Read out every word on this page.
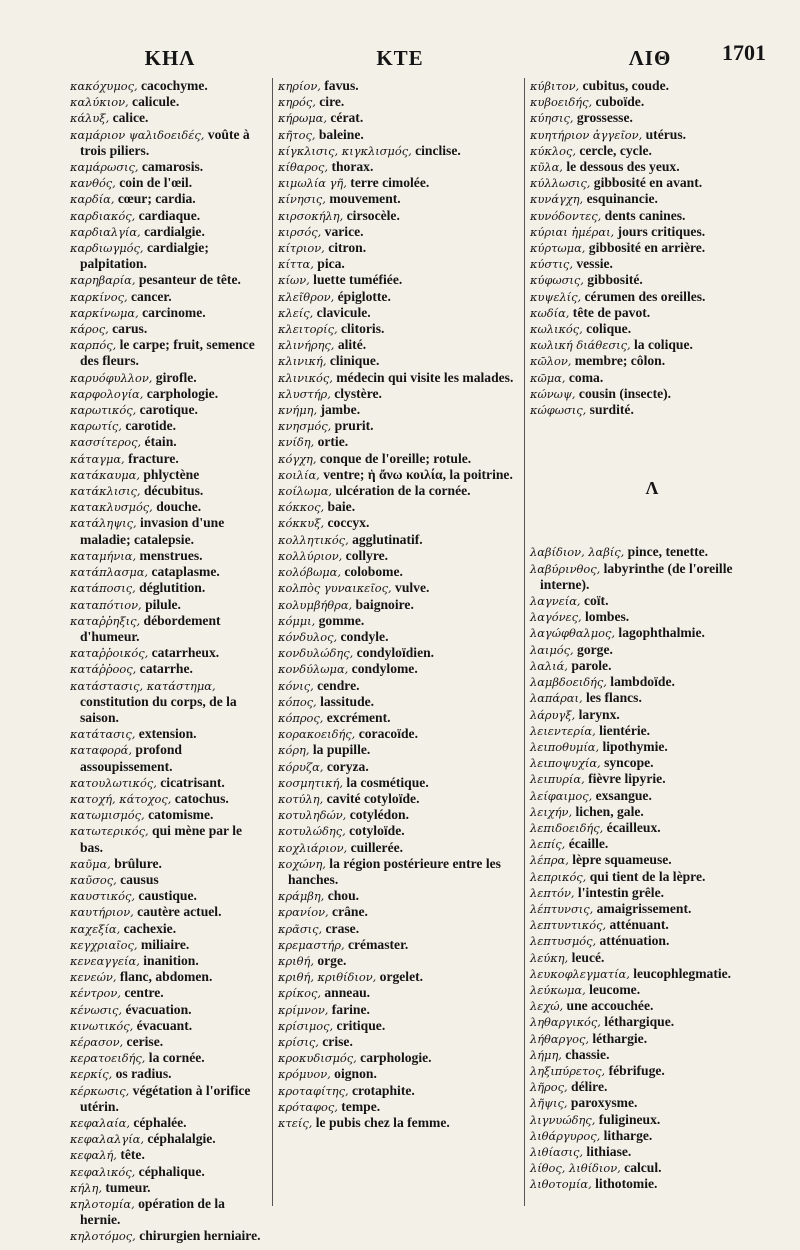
ΚΗΛ	ΚΤΕ	ΛΙΘ	1701
κακόχυμος, cacochyme.
καλύκιον, calicule.
κάλυξ, calice.
καμάριον ψαλιδοειδές, voûte à trois piliers.
καμάρωσις, camarosis.
κανθός, coin de l'œil.
καρδία, cœur; cardia.
καρδιακός, cardiaque.
καρδιαλγία, cardialgie.
καρδιωγμός, cardialgie; palpitation.
καρηβαρία, pesanteur de tête.
καρκίνος, cancer.
καρκίνωμα, carcinome.
κάρος, carus.
καρπός, le carpe; fruit, semence des fleurs.
καρυόφυλλον, girofle.
καρφολογία, carphologie.
καρωτικός, carotique.
καρωτίς, carotide.
κασσίτερος, étain.
κάταγμα, fracture.
κατάκαυμα, phlyctène
κατάκλισις, décubitus.
κατακλυσμός, douche.
κατάληψις, invasion d'une maladie; catalepsie.
καταμήνια, menstrues.
κατάπλασμα, cataplasme.
κατάποσις, déglutition.
καταπότιον, pilule.
καταῤῥηξις, débordement d'humeur.
καταῤῥοικός, catarrheux.
κατάῤῥοος, catarrhe.
κατάστασις, κατάστημα, constitution du corps, de la saison.
κατάτασις, extension.
καταφορά, profond assoupissement.
κατουλωτικός, cicatrisant.
κατοχή, κάτοχος, catochus.
κατωμισμός, catomisme.
κατωτερικός, qui mène par le bas.
καῦμα, brûlure.
καῦσος, causus
καυστικός, caustique.
καυτήριον, cautère actuel.
καχεξία, cachexie.
κεγχριαῖος, miliaire.
κενεαγγεία, inanition.
κενεών, flanc, abdomen.
κέντρον, centre.
κένωσις, évacuation.
κινωτικός, évacuant.
κέρασον, cerise.
κερατοειδής, la cornée.
κερκίς, os radius.
κέρκωσις, végétation à l'orifice utérin.
κεφαλαία, céphalée.
κεφαλαλγία, céphalalgie.
κεφαλή, tête.
κεφαλικός, céphalique.
κήλη, tumeur.
κηλοτομία, opération de la hernie.
κηλοτόμος, chirurgien herniaire.
κηρίον, favus.
κηρός, cire.
κήρωμα, cérat.
κῆτος, baleine.
κίγκλισις, κιγκλισμός, cinclise.
κίθαρος, thorax.
κιμωλία γῆ, terre cimolée.
κίνησις, mouvement.
κιρσοκήλη, cirsocèle.
κιρσός, varice.
κίτριον, citron.
κίττα, pica.
κίων, luette tuméfiée.
κλεῖθρον, épiglotte.
κλείς, clavicule.
κλειτορίς, clitoris.
κλινήρης, alité.
κλινική, clinique.
κλινικός, médecin qui visite les malades.
κλυστήρ, clystère.
κνήμη, jambe.
κνησμός, prurit.
κνίδη, ortie.
κόγχη, conque de l'oreille; rotule.
κοιλία, ventre; ἡ ἄνω κοιλία, la poitrine.
κοίλωμα, ulcération de la cornée.
κόκκος, baie.
κόκκυξ, coccyx.
κολλητικός, agglutinatif.
κολλύριον, collyre.
κολόβωμα, colobome.
κολπὸς γυναικεῖος, vulve.
κολυμβήθρα, baignoire.
κόμμι, gomme.
κόνδυλος, condyle.
κονδυλώδης, condyloïdien.
κονδύλωμα, condylome.
κόνις, cendre.
κόπος, lassitude.
κόπρος, excrément.
κορακοειδής, coracoïde.
κόρη, la pupille.
κόρυζα, coryza.
κοσμητική, la cosmétique.
κοτύλη, cavité cotyloïde.
κοτυληδών, cotylédon.
κοτυλώδης, cotyloïde.
κοχλιάριον, cuillerée.
κοχώνη, la région postérieure entre les hanches.
κράμβη, chou.
κρανίον, crâne.
κρᾶσις, crase.
κρεμαστήρ, crémaster.
κριθή, orge.
κριθή, κριθίδιον, orgelet.
κρίκος, anneau.
κρίμνον, farine.
κρίσιμος, critique.
κρίσις, crise.
κροκυδισμός, carphologie.
κρόμυον, oignon.
κροταφίτης, crotaphite.
κρόταφος, tempe.
κτείς, le pubis chez la femme.
κύβιτον, cubitus, coude.
κυβοειδής, cuboïde.
κύησις, grossesse.
κυητήριον ἀγγεῖον, utérus.
κύκλος, cercle, cycle.
κῦλα, le dessous des yeux.
κύλλωσις, gibbosité en avant.
κυνάγχη, esquinancie.
κυνόδοντες, dents canines.
κύριαι ἡμέραι, jours critiques.
κύρτωμα, gibbosité en arrière.
κύστις, vessie.
κύφωσις, gibbosité.
κυψελίς, cérumen des oreilles.
κωδία, tête de pavot.
κωλικός, colique.
κωλική διάθεσις, la colique.
κῶλον, membre; côlon.
κῶμα, coma.
κώνωψ, cousin (insecte).
κώφωσις, surdité.
Λ
λαβίδιον, λαβίς, pince, tenette.
λαβύρινθος, labyrinthe (de l'oreille interne).
λαγνεία, coït.
λαγόνες, lombes.
λαγώφθαλμος, lagophthalmie.
λαιμός, gorge.
λαλιά, parole.
λαμβδοειδής, lambdoïde.
λαπάραι, les flancs.
λάρυγξ, larynx.
λειεντερία, lientérie.
λειποθυμία, lipothymie.
λειποψυχία, syncope.
λειπυρία, fièvre lipyrie.
λείφαιμος, exsangue.
λειχήν, lichen, gale.
λεπιδοειδής, écailleux.
λεπίς, écaille.
λέπρα, lèpre squameuse.
λεπρικός, qui tient de la lèpre.
λεπτόν, l'intestin grêle.
λέπτυνσις, amaigrissement.
λεπτυντικός, atténuant.
λεπτυσμός, atténuation.
λεύκη, leucé.
λευκοφλεγματία, leucophlegmatie.
λεύκωμα, leucome.
λεχώ, une accouchée.
ληθαργικός, léthargique.
λήθαργος, léthargie.
λήμη, chassie.
ληξιπύρετος, fébrifuge.
λῆρος, délire.
λῆψις, paroxysme.
λιγνυώδης, fuligineux.
λιθάργυρος, litharge.
λιθίασις, lithiase.
λίθος, λιθίδιον, calcul.
λιθοτομία, lithotomie.
